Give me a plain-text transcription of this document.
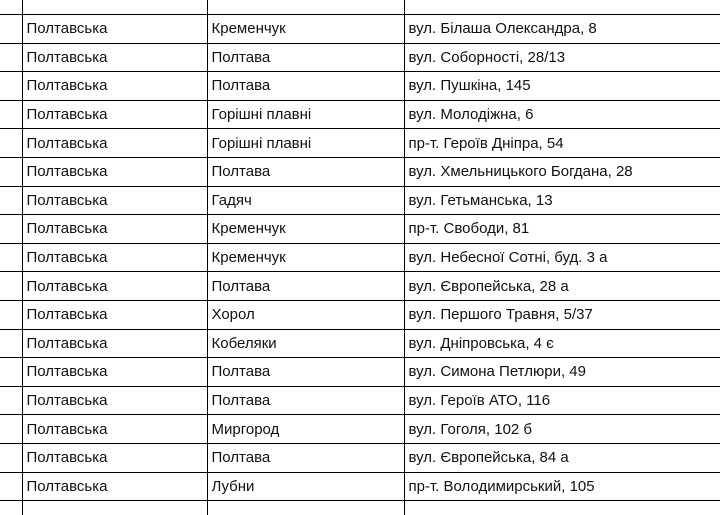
	Полтавська	Кременчук	вул. Білаша Олександра, 8
	Полтавська	Полтава	вул. Соборності, 28/13
	Полтавська	Полтава	вул. Пушкіна, 145
	Полтавська	Горішні плавні	вул. Молодіжна, 6
	Полтавська	Горішні плавні	пр-т. Героїв Дніпра, 54
	Полтавська	Полтава	вул. Хмельницького Богдана, 28
	Полтавська	Гадяч	вул. Гетьманська, 13
	Полтавська	Кременчук	пр-т. Свободи, 81
	Полтавська	Кременчук	вул. Небесної Сотні, буд. 3 а
	Полтавська	Полтава	вул. Європейська, 28 а
	Полтавська	Хорол	вул. Першого Травня, 5/37
	Полтавська	Кобеляки	вул. Дніпровська, 4 є
	Полтавська	Полтава	вул. Симона Петлюри, 49
	Полтавська	Полтава	вул. Героїв АТО, 116
	Полтавська	Миргород	вул. Гоголя, 102 б
	Полтавська	Полтава	вул. Європейська, 84 а
	Полтавська	Лубни	пр-т. Володимирський, 105
